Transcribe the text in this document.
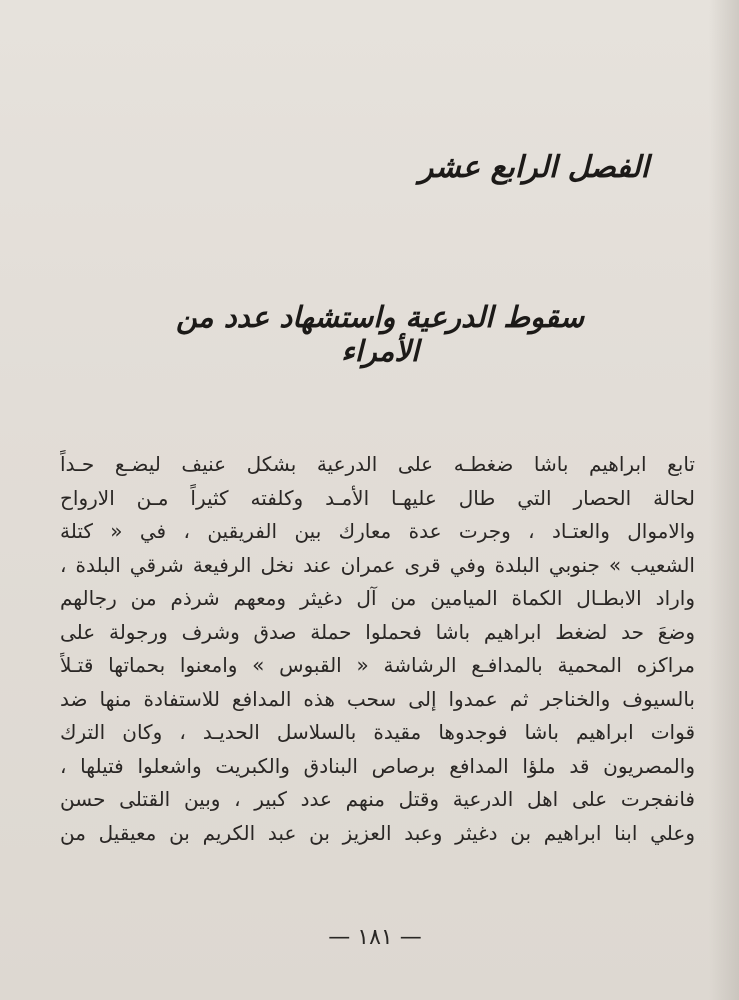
الفصل الرابع عشر
سقوط الدرعية واستشهاد عدد من الأمراء
تابع ابراهيم باشا ضغطـه على الدرعية بشكل عنيف ليضـع حـداً
لحالة الحصار التي طال عليهـا الأمـد وكلفته كثيراً مـن الارواح
والاموال والعتـاد ، وجرت عدة معارك بين الفريقين ، في « كتلة
الشعيب » جنوبي البلدة وفي قرى عمران عند نخل الرفيعة شرقي البلدة ،
واراد الابطـال الكماة الميامين من آل دغيثر ومعهم شرذم من رجالهم
وضعَ حد لضغط ابراهيم باشا فحملوا حملة صدق وشرف ورجولة على
مراكزه المحمية بالمدافـع الرشاشة « القبوس » وامعنوا بحماتها قتـلاً
بالسيوف والخناجر ثم عمدوا إلى سحب هذه المدافع للاستفادة منها ضد
قوات ابراهيم باشا فوجدوها مقيدة بالسلاسل الحديـد ، وكان الترك
والمصريون قد ملؤا المدافع برصاص البنادق والكبريت واشعلوا فتيلها ،
فانفجرت على اهل الدرعية وقتل منهم عدد كبير ، وبين القتلى حسن
وعلي ابنا ابراهيم بن دغيثر وعبد العزيز بن عبد الكريم بن معيقيل من
— ١٨١ —
